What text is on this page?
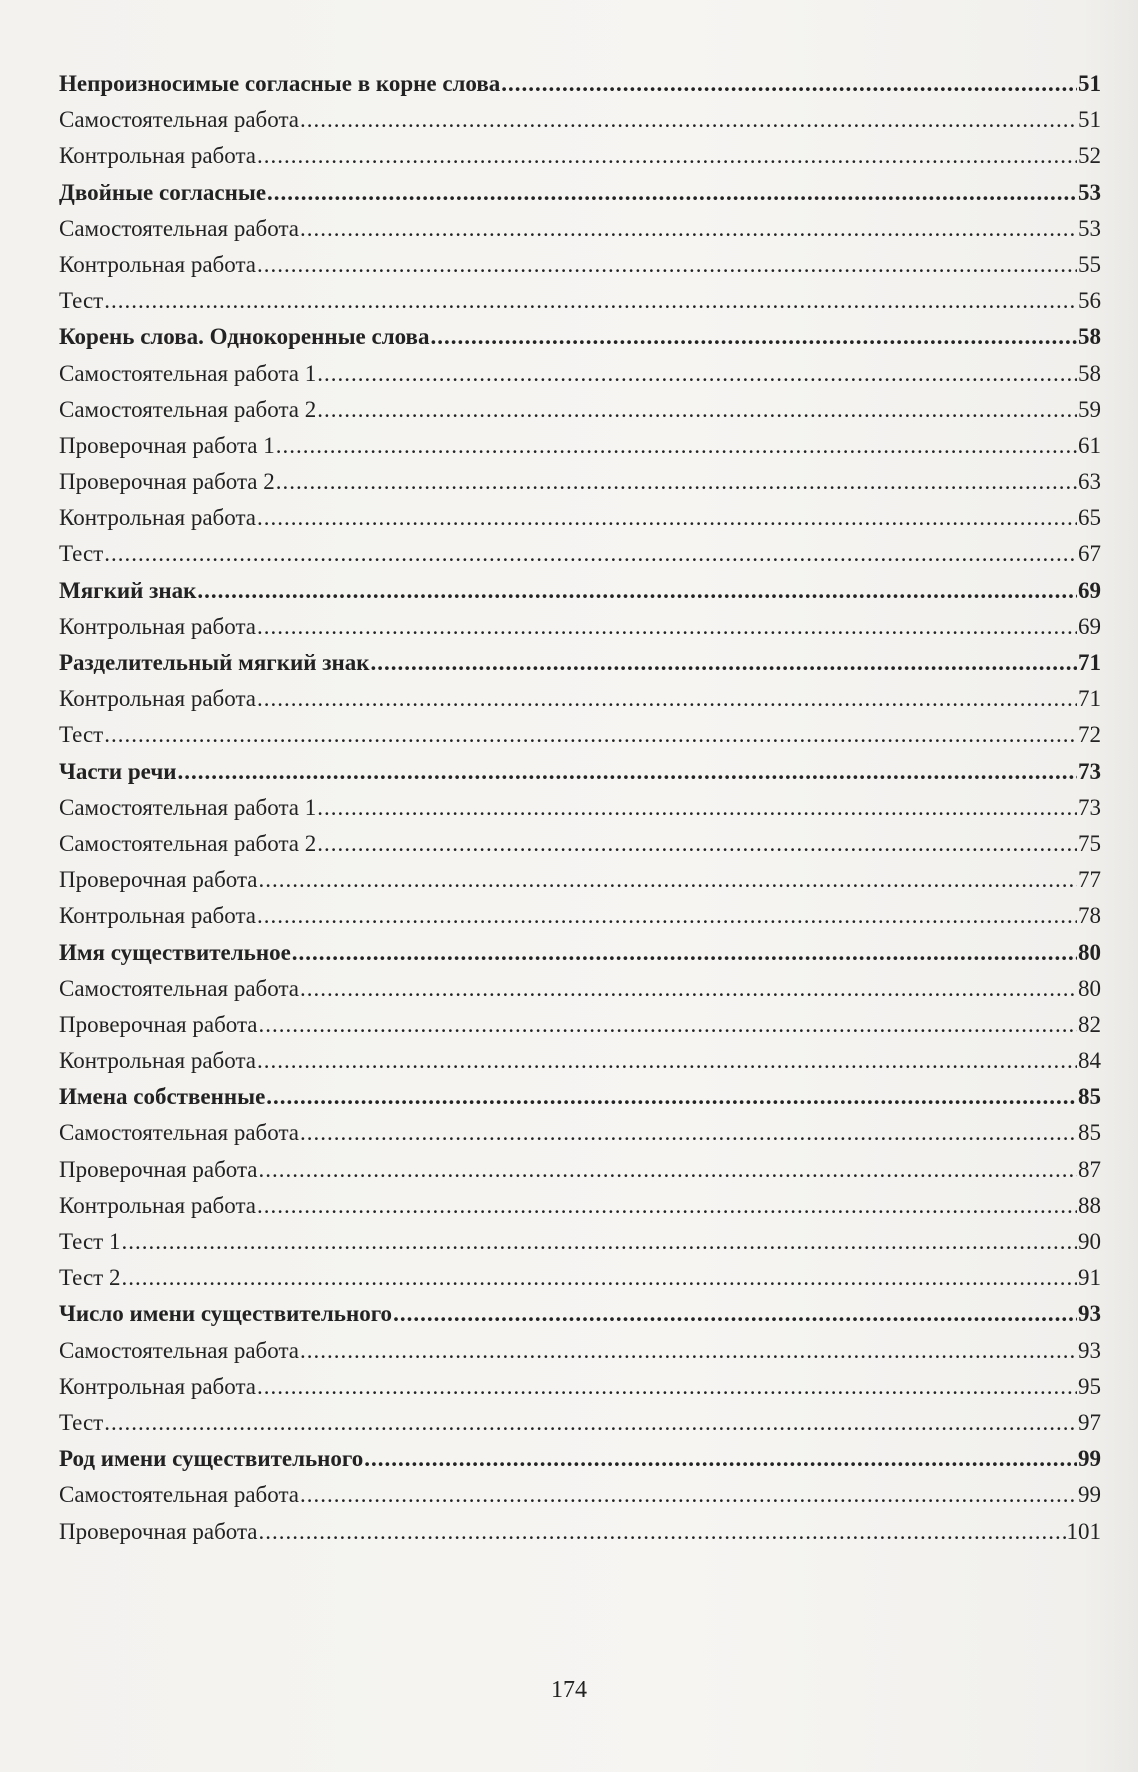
Непроизносимые согласные в корне слова .....	51
Самостоятельная работа .....	51
Контрольная работа .....	52
Двойные согласные .....	53
Самостоятельная работа .....	53
Контрольная работа .....	55
Тест .....	56
Корень слова. Однокоренные слова .....	58
Самостоятельная работа 1 .....	58
Самостоятельная работа 2 .....	59
Проверочная работа 1 .....	61
Проверочная работа 2 .....	63
Контрольная работа .....	65
Тест .....	67
Мягкий знак .....	69
Контрольная работа .....	69
Разделительный мягкий знак .....	71
Контрольная работа .....	71
Тест .....	72
Части речи .....	73
Самостоятельная работа 1 .....	73
Самостоятельная работа 2 .....	75
Проверочная работа .....	77
Контрольная работа .....	78
Имя существительное .....	80
Самостоятельная работа .....	80
Проверочная работа .....	82
Контрольная работа .....	84
Имена собственные .....	85
Самостоятельная работа .....	85
Проверочная работа .....	87
Контрольная работа .....	88
Тест 1 .....	90
Тест 2 .....	91
Число имени существительного .....	93
Самостоятельная работа .....	93
Контрольная работа .....	95
Тест .....	97
Род имени существительного .....	99
Самостоятельная работа .....	99
Проверочная работа .....	101
174
